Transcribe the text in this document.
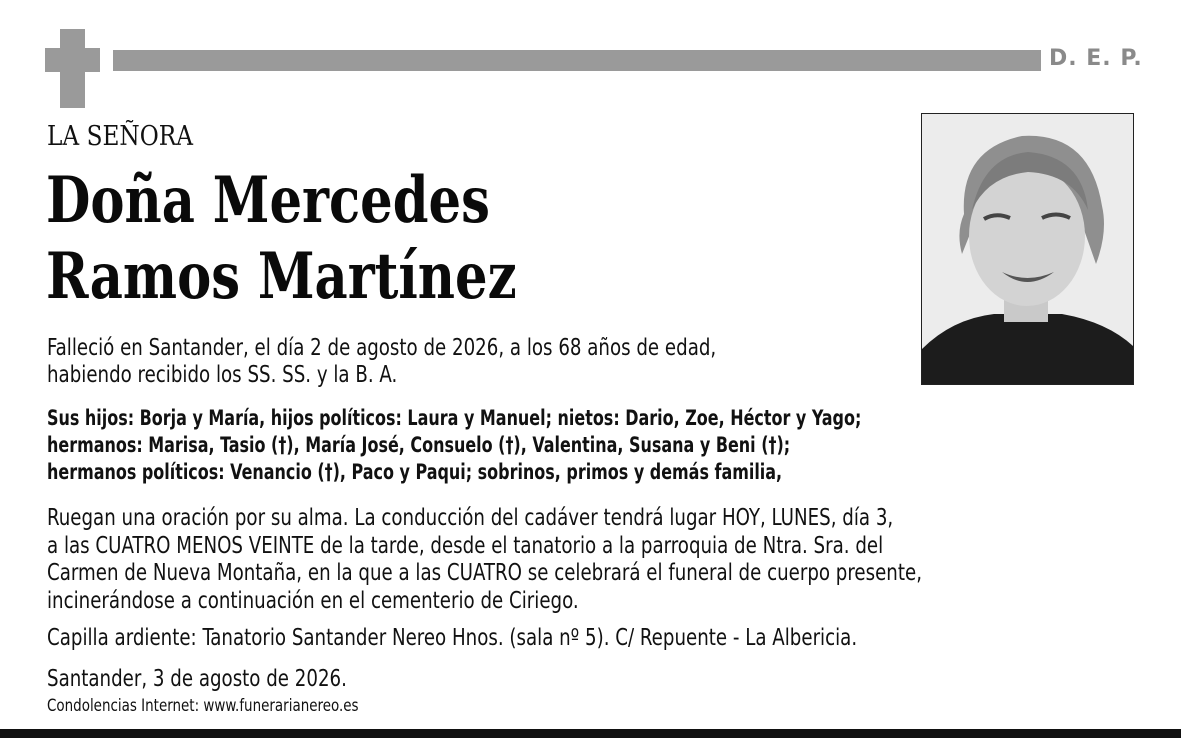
D. E. P.
LA SEÑORA
Doña Mercedes
Ramos Martínez

Falleció en Santander, el día 2 de agosto de 2026, a los 68 años de edad,
habiendo recibido los SS. SS. y la B. A.

Sus hijos: Borja y María, hijos políticos: Laura y Manuel; nietos: Dario, Zoe, Héctor y Yago;
hermanos: Marisa, Tasio (†), María José, Consuelo (†), Valentina, Susana y Beni (†);
hermanos políticos: Venancio (†), Paco y Paqui; sobrinos, primos y demás familia,

Ruegan una oración por su alma. La conducción del cadáver tendrá lugar HOY, LUNES, día 3,
a las CUATRO MENOS VEINTE de la tarde, desde el tanatorio a la parroquia de Ntra. Sra. del
Carmen de Nueva Montaña, en la que a las CUATRO se celebrará el funeral de cuerpo presente,
incinerándose a continuación en el cementerio de Ciriego.

Capilla ardiente: Tanatorio Santander Nereo Hnos. (sala nº 5). C/ Repuente - La Albericia.

Santander, 3 de agosto de 2026.

Condolencias Internet: www.funerarianereo.es
